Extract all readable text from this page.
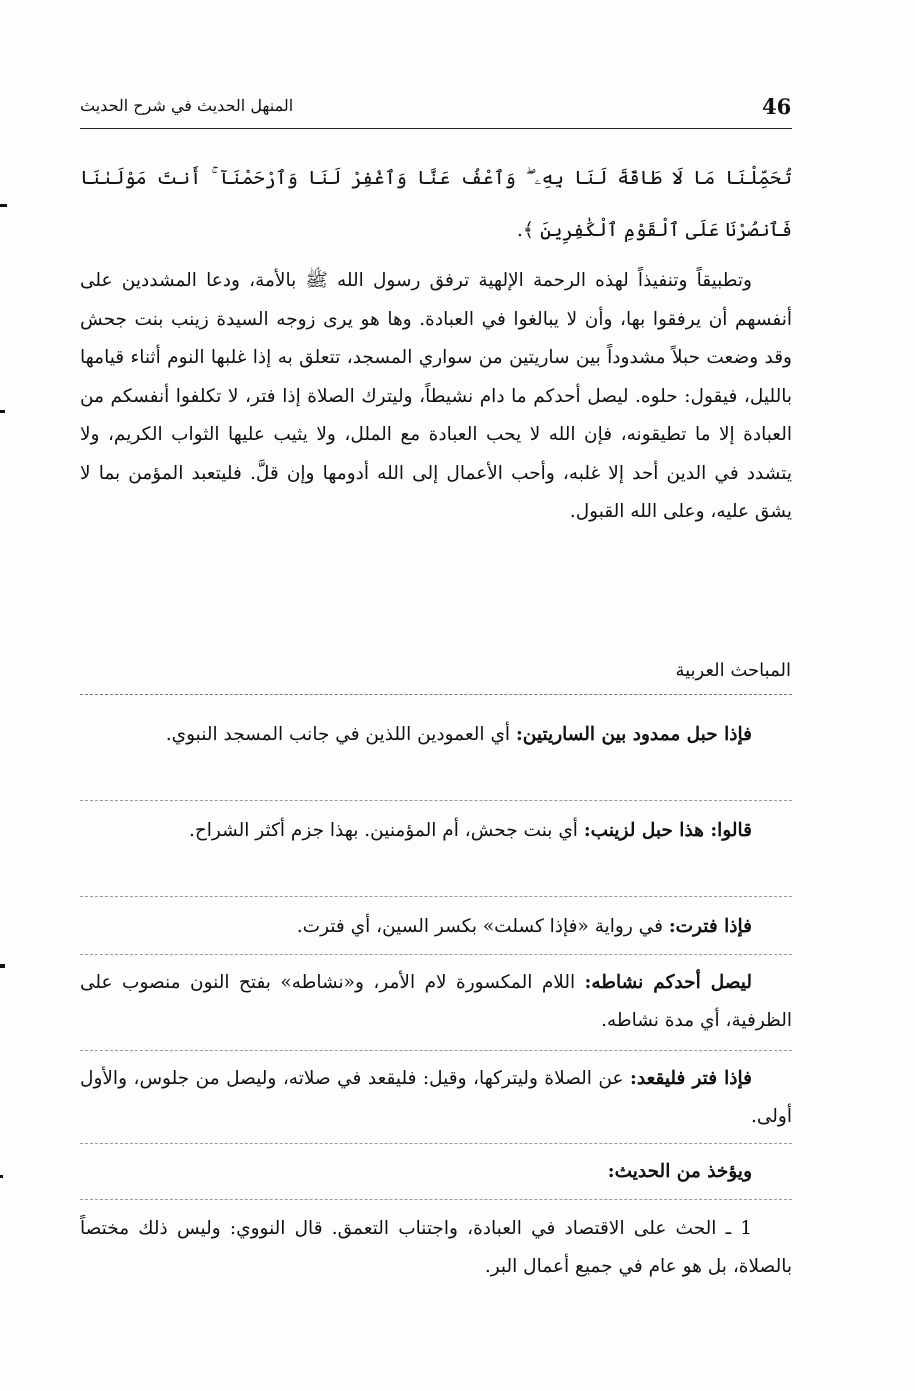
46
المنهل الحديث في شرح الحديث
تُحَمِّلْنَا مَا لَا طَاقَةَ لَنَا بِهِۦ ۖ وَٱعْفُ عَنَّا وَٱغْفِرْ لَنَا وَٱرْحَمْنَآ ۚ أَنتَ مَوْلَىٰنَا فَٱنصُرْنَا عَلَى ٱلْقَوْمِ ٱلْكَٰفِرِينَ ﴾.
وتطبيقاً وتنفيذاً لهذه الرحمة الإلهية ترفق رسول الله ﷺ بالأمة، ودعا المشددين على أنفسهم أن يرفقوا بها، وأن لا يبالغوا في العبادة. وها هو يرى زوجه السيدة زينب بنت جحش وقد وضعت حبلاً مشدوداً بين ساريتين من سواري المسجد، تتعلق به إذا غلبها النوم أثناء قيامها بالليل، فيقول: حلوه. ليصل أحدكم ما دام نشيطاً، وليترك الصلاة إذا فتر، لا تكلفوا أنفسكم من العبادة إلا ما تطيقونه، فإن الله لا يحب العبادة مع الملل، ولا يثيب عليها الثواب الكريم، ولا يتشدد في الدين أحد إلا غلبه، وأحب الأعمال إلى الله أدومها وإن قلَّ. فليتعبد المؤمن بما لا يشق عليه، وعلى الله القبول.
المباحث العربية
فإذا حبل ممدود بين الساريتين: أي العمودين اللذين في جانب المسجد النبوي.
قالوا: هذا حبل لزينب: أي بنت جحش، أم المؤمنين. بهذا جزم أكثر الشراح.
فإذا فترت: في رواية «فإذا كسلت» بكسر السين، أي فترت.
ليصل أحدكم نشاطه: اللام المكسورة لام الأمر، و«نشاطه» بفتح النون منصوب على الظرفية، أي مدة نشاطه.
فإذا فتر فليقعد: عن الصلاة وليتركها، وقيل: فليقعد في صلاته، وليصل من جلوس، والأول أولى.
ويؤخذ من الحديث:
1 ـ الحث على الاقتصاد في العبادة، واجتناب التعمق. قال النووي: وليس ذلك مختصاً بالصلاة، بل هو عام في جميع أعمال البر.
